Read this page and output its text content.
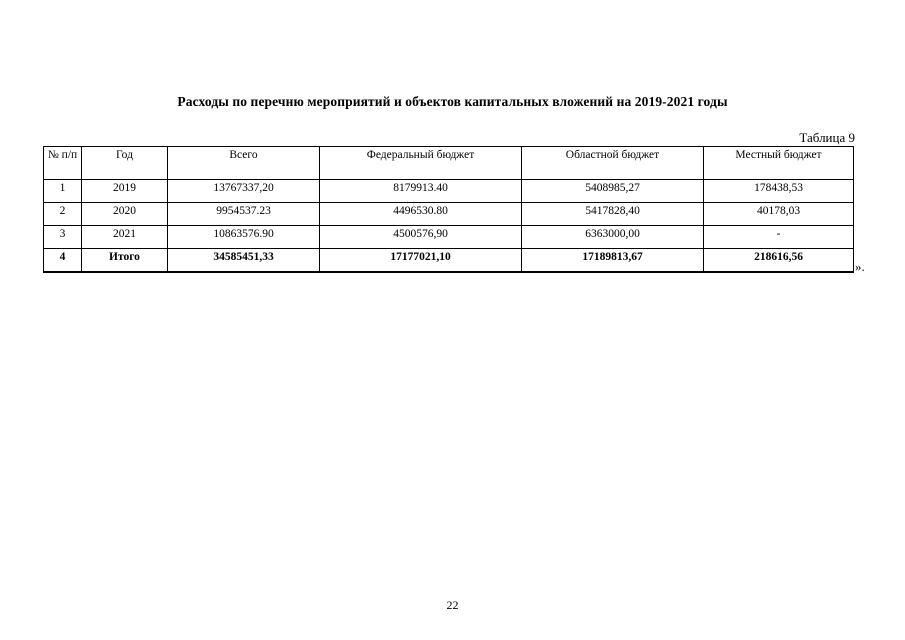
Расходы по перечню мероприятий и объектов капитальных вложений на 2019-2021 годы
Таблица 9
№ п/п	Год	Всего	Федеральный бюджет	Областной бюджет	Местный бюджет
1	2019	13767337,20	8179913.40	5408985,27	178438,53
2	2020	9954537.23	4496530.80	5417828,40	40178,03
3	2021	10863576.90	4500576,90	6363000,00	-
4	Итого	34585451,33	17177021,10	17189813,67	218616,56
».
22
